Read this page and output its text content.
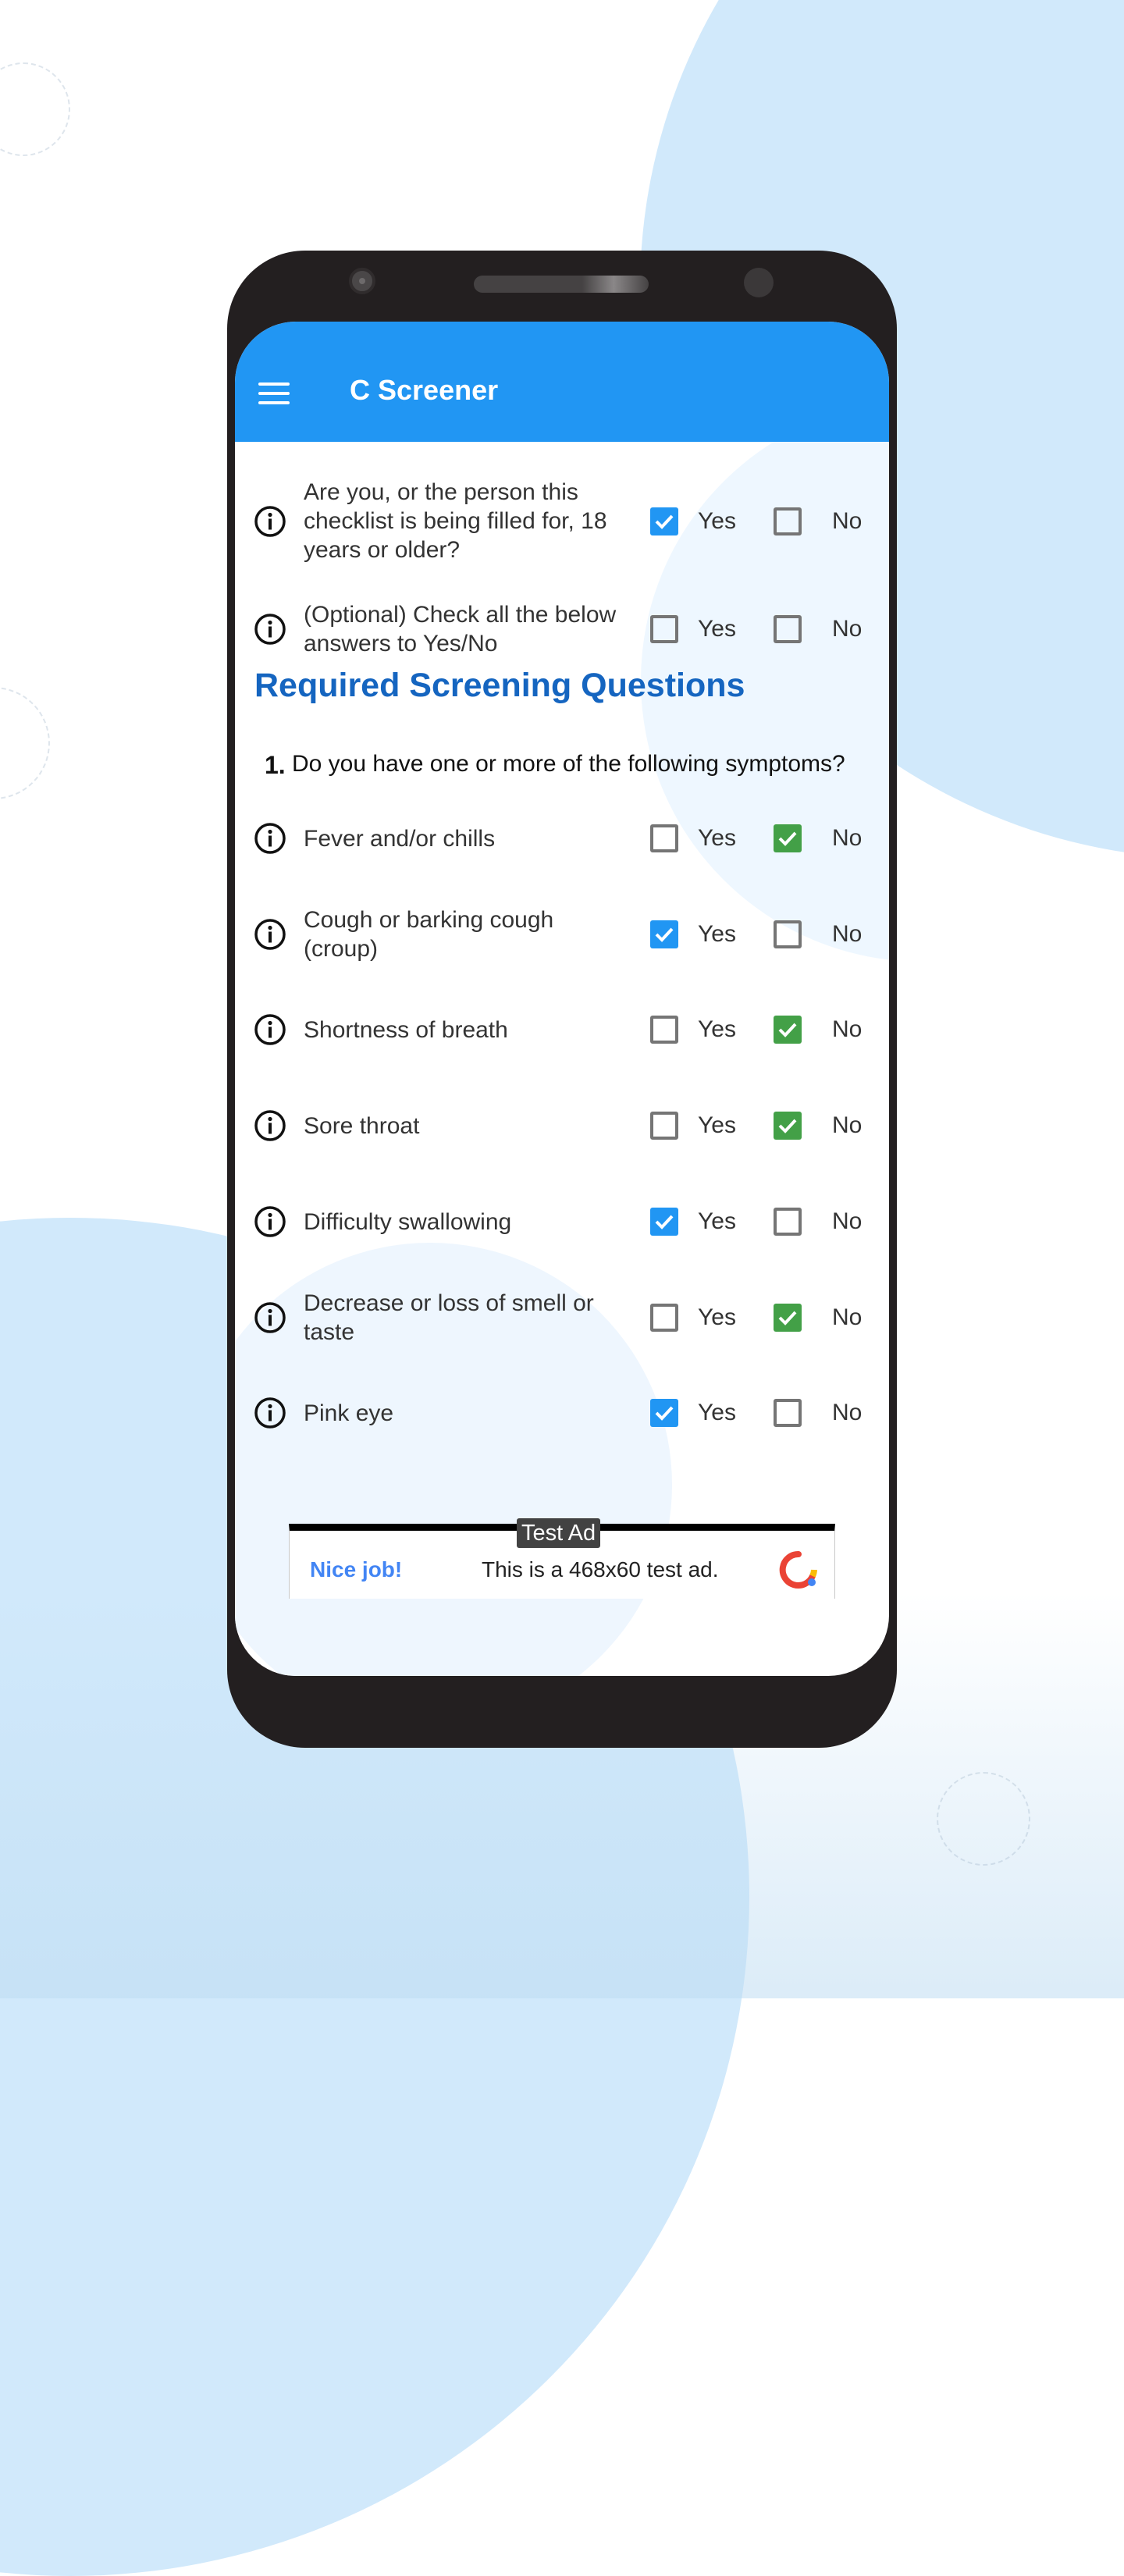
C Screener
Are you, or the person this checklist is being filled for, 18 years or older?
Yes	No
(Optional) Check all the below answers to Yes/No
Yes	No
Required Screening Questions
1. Do you have one or more of the following symptoms?
Fever and/or chills	Yes	No
Cough or barking cough (croup)
Yes	No
Shortness of breath	Yes	No
Sore throat	Yes	No
Difficulty swallowing	Yes	No
Decrease or loss of smell or taste
Yes	No
Pink eye	Yes	No
Nice job!	This is a 468x60 test ad.
Test Ad
